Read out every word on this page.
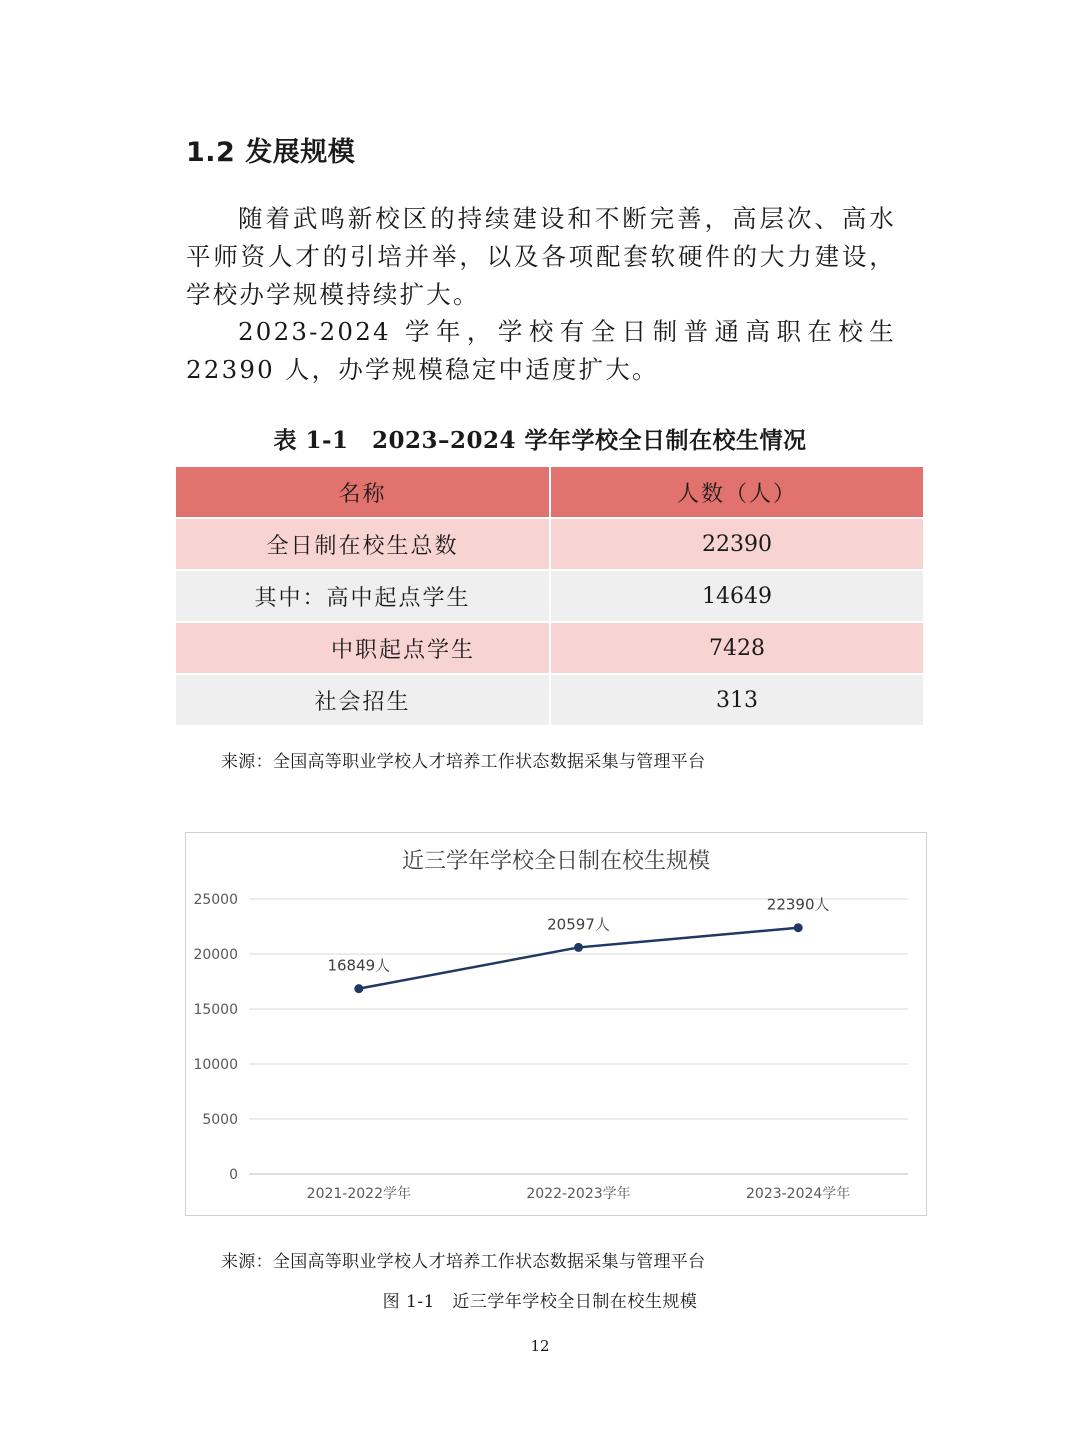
1.2 发展规模

随着武鸣新校区的持续建设和不断完善，高层次、高水平师资人才的引培并举，以及各项配套软硬件的大力建设，学校办学规模持续扩大。

2023-2024 学年，学校有全日制普通高职在校生 22390 人，办学规模稳定中适度扩大。

表 1-1　2023–2024 学年学校全日制在校生情况
名称	人数（人）
全日制在校生总数	22390
其中：高中起点学生	14649
中职起点学生	7428
社会招生	313
来源：全国高等职业学校人才培养工作状态数据采集与管理平台
近三学年学校全日制在校生规模
0
5000
10000
15000
20000
25000
2021-2022学年	2022-2023学年	2023-2024学年
16849人
20597人
22390人
来源：全国高等职业学校人才培养工作状态数据采集与管理平台
图 1-1　近三学年学校全日制在校生规模
12
